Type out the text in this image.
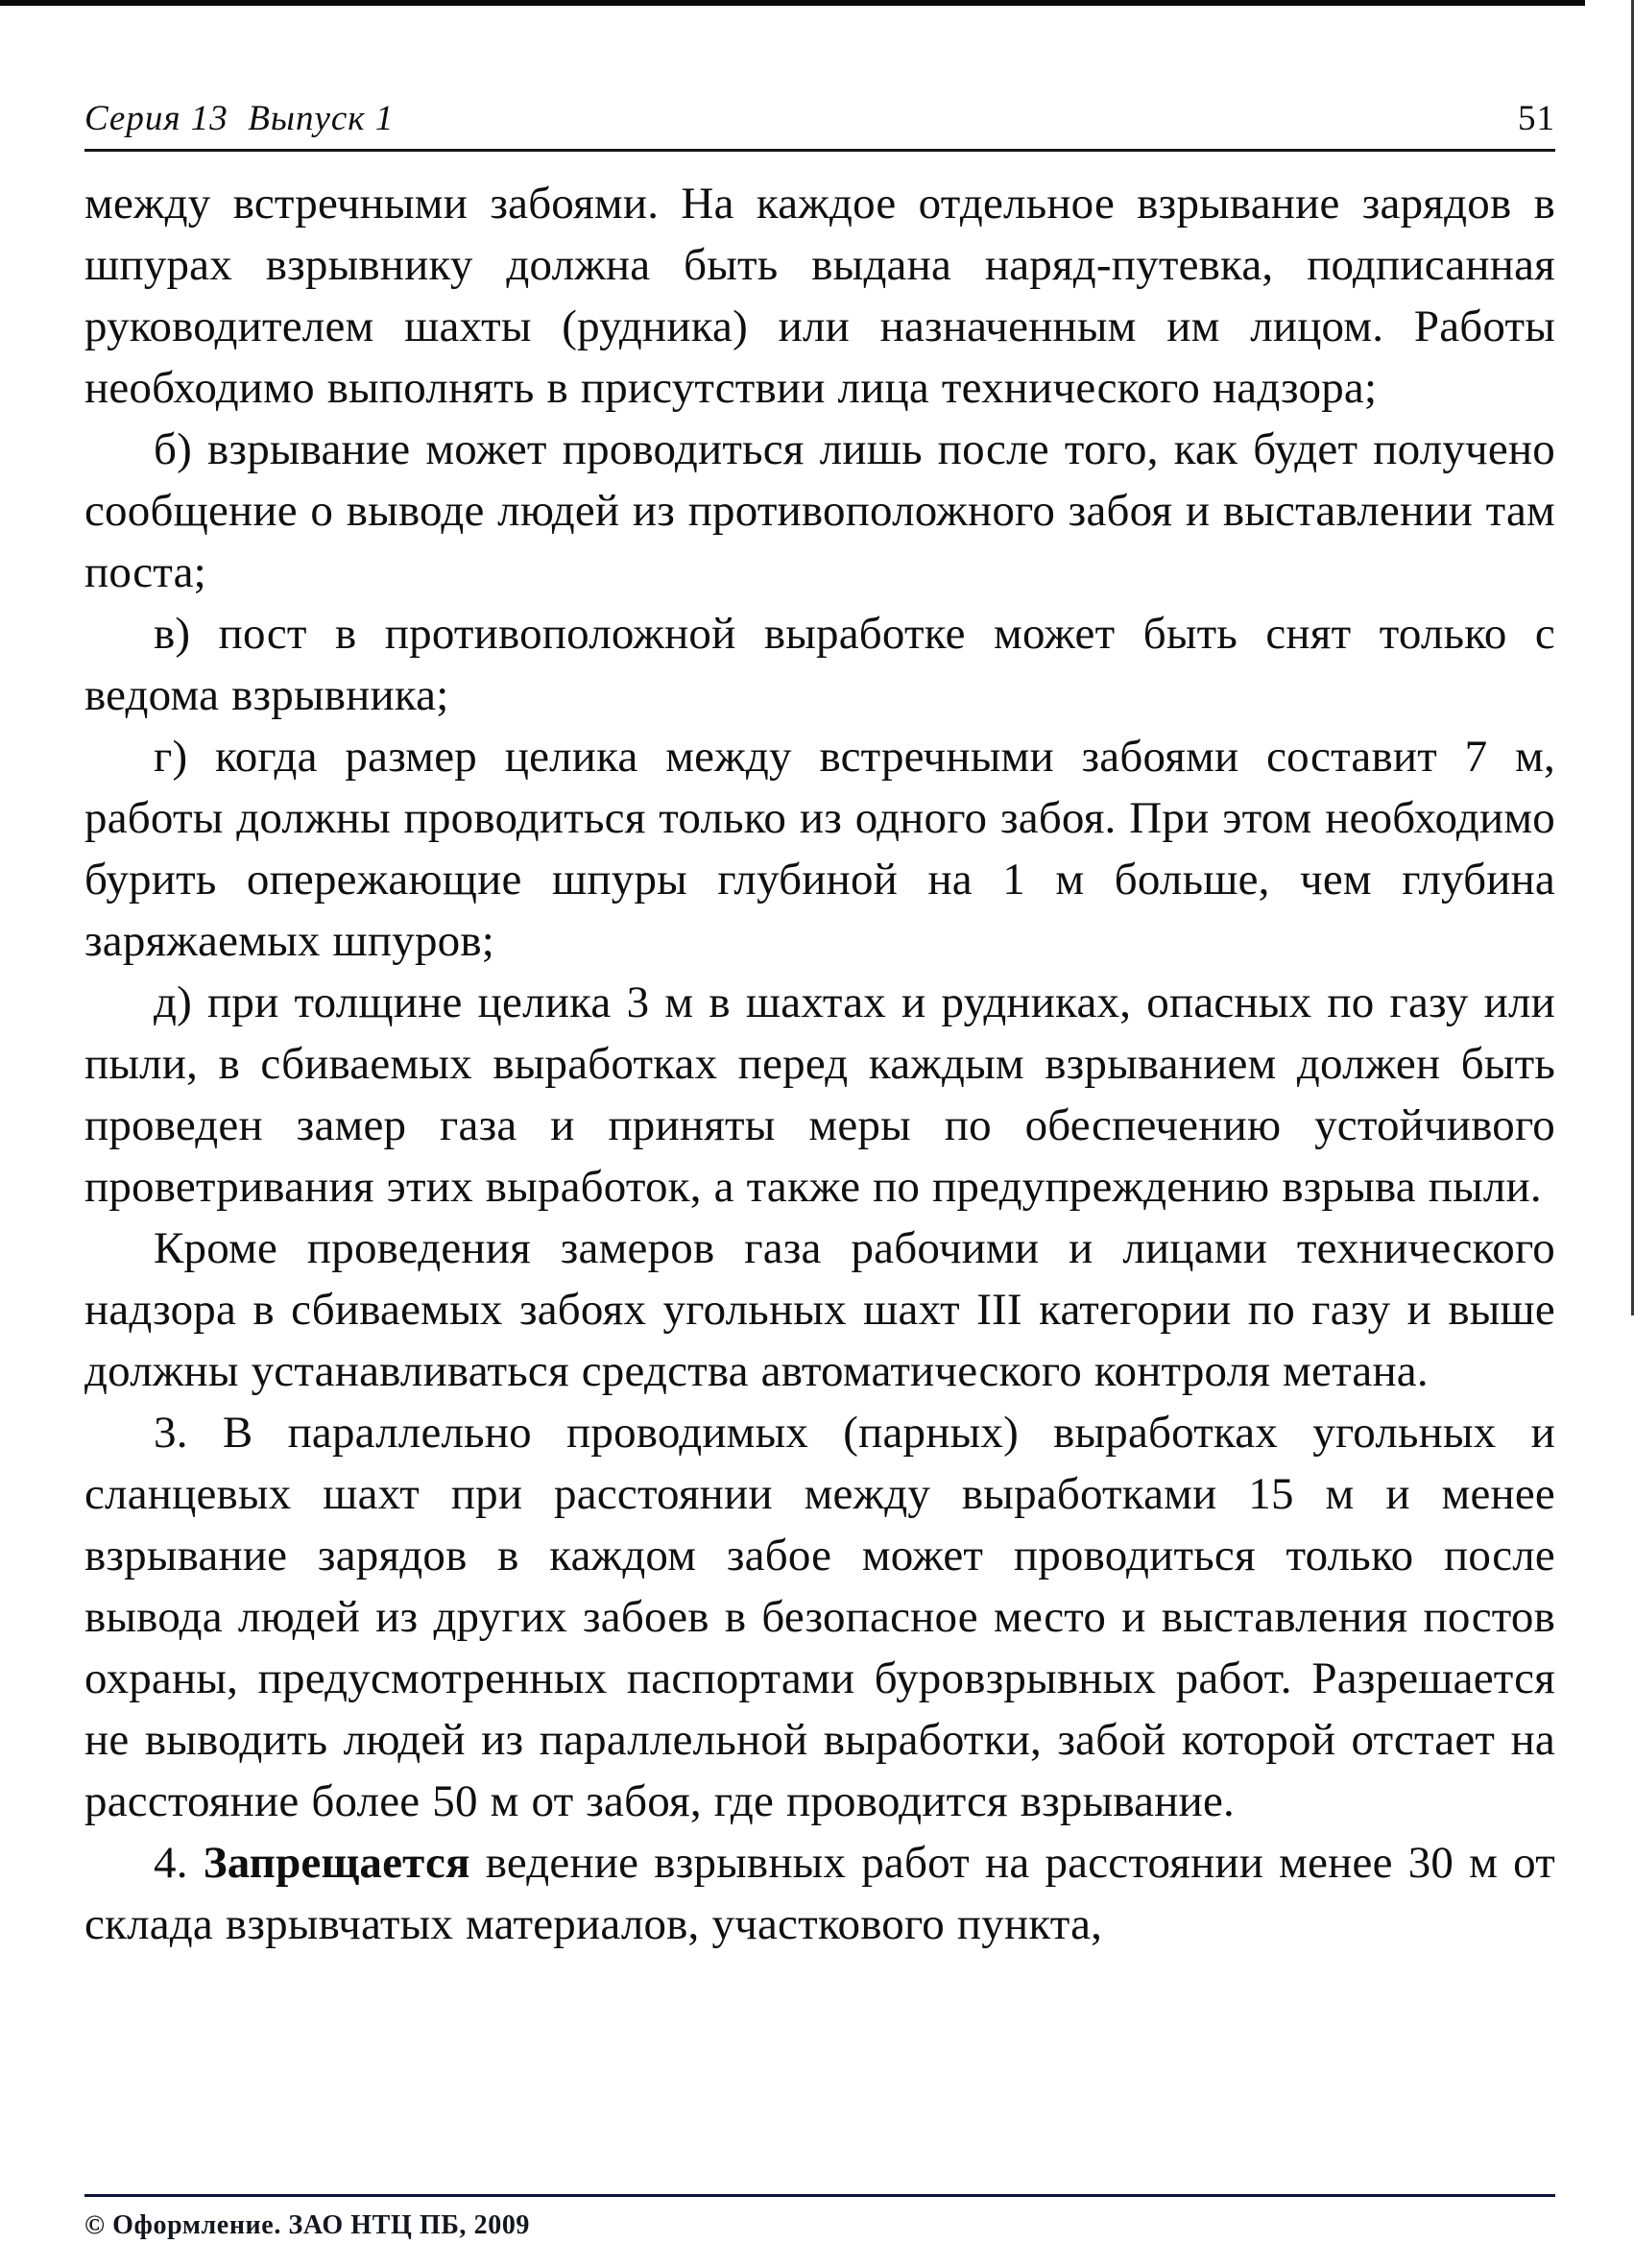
Серия 13  Выпуск 1	51

между встречными забоями. На каждое отдельное взрывание зарядов в шпурах взрывнику должна быть выдана наряд-путевка, подписанная руководителем шахты (рудника) или назначенным им лицом. Работы необходимо выполнять в присутствии лица технического надзора;

б) взрывание может проводиться лишь после того, как будет получено сообщение о выводе людей из противоположного забоя и выставлении там поста;

в) пост в противоположной выработке может быть снят только с ведома взрывника;

г) когда размер целика между встречными забоями составит 7 м, работы должны проводиться только из одного забоя. При этом необходимо бурить опережающие шпуры глубиной на 1 м больше, чем глубина заряжаемых шпуров;

д) при толщине целика 3 м в шахтах и рудниках, опасных по газу или пыли, в сбиваемых выработках перед каждым взрыванием должен быть проведен замер газа и приняты меры по обеспечению устойчивого проветривания этих выработок, а также по предупреждению взрыва пыли.

Кроме проведения замеров газа рабочими и лицами технического надзора в сбиваемых забоях угольных шахт III категории по газу и выше должны устанавливаться средства автоматического контроля метана.

3. В параллельно проводимых (парных) выработках угольных и сланцевых шахт при расстоянии между выработками 15 м и менее взрывание зарядов в каждом забое может проводиться только после вывода людей из других забоев в безопасное место и выставления постов охраны, предусмотренных паспортами буровзрывных работ. Разрешается не выводить людей из параллельной выработки, забой которой отстает на расстояние более 50 м от забоя, где проводится взрывание.

4. Запрещается ведение взрывных работ на расстоянии менее 30 м от склада взрывчатых материалов, участкового пункта,

© Оформление. ЗАО НТЦ ПБ, 2009
